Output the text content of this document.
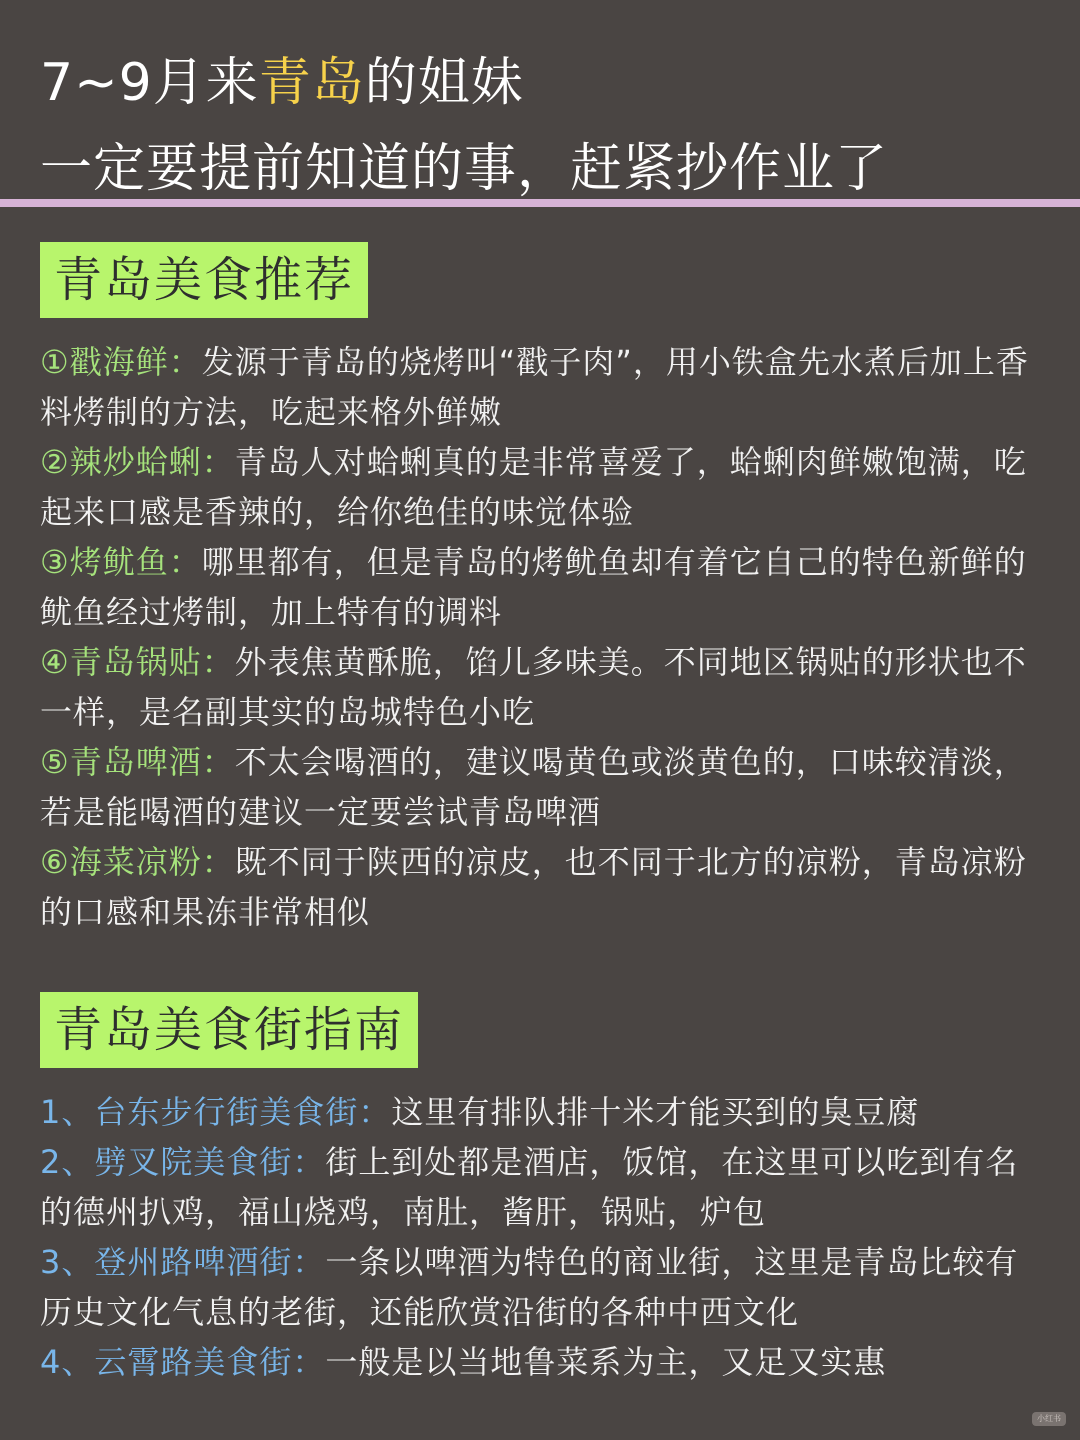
7~9月来青岛的姐妹
一定要提前知道的事，赶紧抄作业了
青岛美食推荐
①戳海鲜：发源于青岛的烧烤叫“戳子肉”，用小铁盒先水煮后加上香料烤制的方法，吃起来格外鲜嫩
②辣炒蛤蜊：青岛人对蛤蜊真的是非常喜爱了，蛤蜊肉鲜嫩饱满，吃起来口感是香辣的，给你绝佳的味觉体验
③烤鱿鱼：哪里都有，但是青岛的烤鱿鱼却有着它自己的特色新鲜的鱿鱼经过烤制，加上特有的调料
④青岛锅贴：外表焦黄酥脆，馅儿多味美。不同地区锅贴的形状也不一样，是名副其实的岛城特色小吃
⑤青岛啤酒：不太会喝酒的，建议喝黄色或淡黄色的，口味较清淡，若是能喝酒的建议一定要尝试青岛啤酒
⑥海菜凉粉：既不同于陕西的凉皮，也不同于北方的凉粉，青岛凉粉的口感和果冻非常相似
青岛美食街指南
1、台东步行街美食街：这里有排队排十米才能买到的臭豆腐
2、劈叉院美食街：街上到处都是酒店，饭馆，在这里可以吃到有名的德州扒鸡，福山烧鸡，南肚，酱肝，锅贴，炉包
3、登州路啤酒街：一条以啤酒为特色的商业街，这里是青岛比较有历史文化气息的老街，还能欣赏沿街的各种中西文化
4、云霄路美食街：一般是以当地鲁菜系为主，又足又实惠
小红书
